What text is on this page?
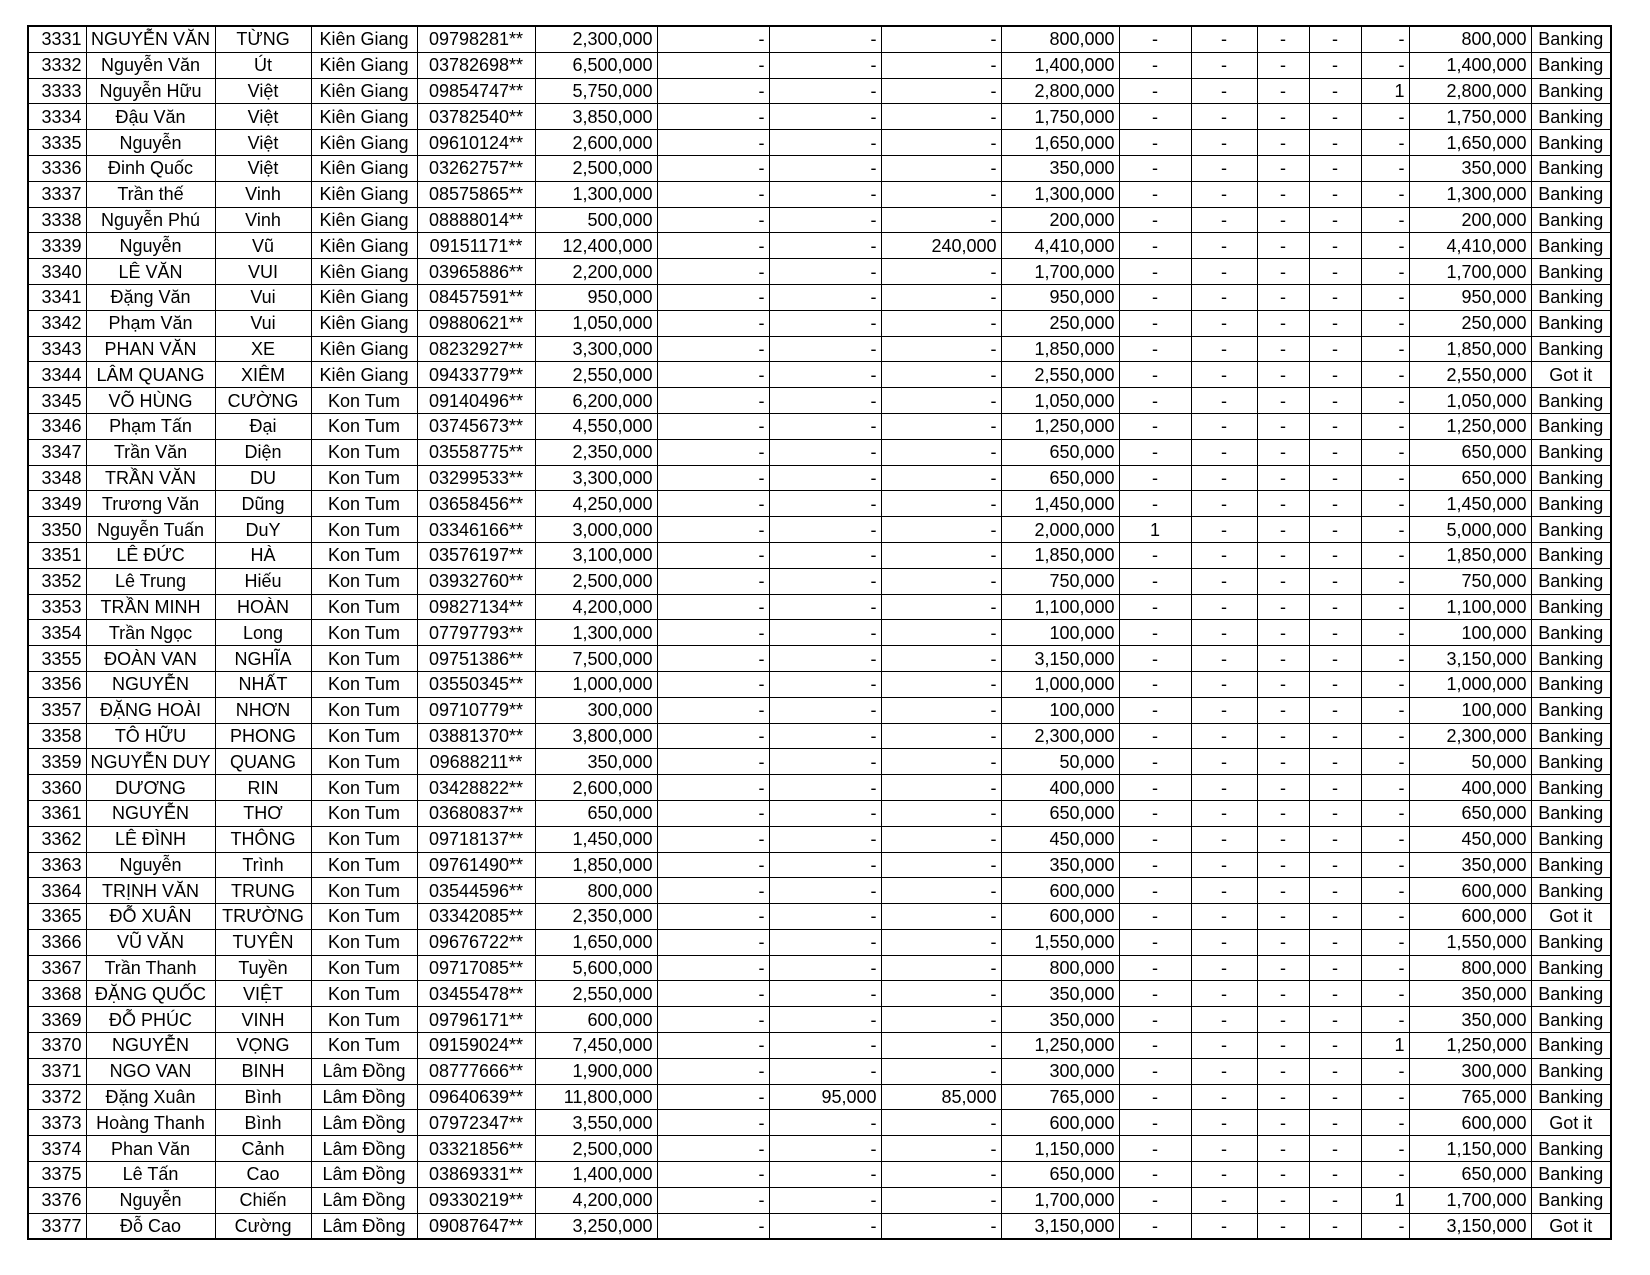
3331	NGUYỄN VĂN	TỪNG	Kiên Giang	09798281**	2,300,000	-	-	-	800,000	-	-	-	-	-	800,000	Banking
3332	Nguyễn Văn	Út	Kiên Giang	03782698**	6,500,000	-	-	-	1,400,000	-	-	-	-	-	1,400,000	Banking
3333	Nguyễn Hữu	Việt	Kiên Giang	09854747**	5,750,000	-	-	-	2,800,000	-	-	-	-	1	2,800,000	Banking
3334	Đậu Văn	Việt	Kiên Giang	03782540**	3,850,000	-	-	-	1,750,000	-	-	-	-	-	1,750,000	Banking
3335	Nguyễn	Việt	Kiên Giang	09610124**	2,600,000	-	-	-	1,650,000	-	-	-	-	-	1,650,000	Banking
3336	Đinh Quốc	Việt	Kiên Giang	03262757**	2,500,000	-	-	-	350,000	-	-	-	-	-	350,000	Banking
3337	Trần thế	Vinh	Kiên Giang	08575865**	1,300,000	-	-	-	1,300,000	-	-	-	-	-	1,300,000	Banking
3338	Nguyễn Phú	Vinh	Kiên Giang	08888014**	500,000	-	-	-	200,000	-	-	-	-	-	200,000	Banking
3339	Nguyễn	Vũ	Kiên Giang	09151171**	12,400,000	-	-	240,000	4,410,000	-	-	-	-	-	4,410,000	Banking
3340	LÊ VĂN	VUI	Kiên Giang	03965886**	2,200,000	-	-	-	1,700,000	-	-	-	-	-	1,700,000	Banking
3341	Đặng Văn	Vui	Kiên Giang	08457591**	950,000	-	-	-	950,000	-	-	-	-	-	950,000	Banking
3342	Phạm Văn	Vui	Kiên Giang	09880621**	1,050,000	-	-	-	250,000	-	-	-	-	-	250,000	Banking
3343	PHAN VĂN	XE	Kiên Giang	08232927**	3,300,000	-	-	-	1,850,000	-	-	-	-	-	1,850,000	Banking
3344	LÂM QUANG	XIÊM	Kiên Giang	09433779**	2,550,000	-	-	-	2,550,000	-	-	-	-	-	2,550,000	Got it
3345	VÕ HÙNG	CƯỜNG	Kon Tum	09140496**	6,200,000	-	-	-	1,050,000	-	-	-	-	-	1,050,000	Banking
3346	Phạm Tấn	Đại	Kon Tum	03745673**	4,550,000	-	-	-	1,250,000	-	-	-	-	-	1,250,000	Banking
3347	Trần Văn	Diện	Kon Tum	03558775**	2,350,000	-	-	-	650,000	-	-	-	-	-	650,000	Banking
3348	TRẦN VĂN	DU	Kon Tum	03299533**	3,300,000	-	-	-	650,000	-	-	-	-	-	650,000	Banking
3349	Trương Văn	Dũng	Kon Tum	03658456**	4,250,000	-	-	-	1,450,000	-	-	-	-	-	1,450,000	Banking
3350	Nguyễn Tuấn	DuY	Kon Tum	03346166**	3,000,000	-	-	-	2,000,000	1	-	-	-	-	5,000,000	Banking
3351	LÊ ĐỨC	HÀ	Kon Tum	03576197**	3,100,000	-	-	-	1,850,000	-	-	-	-	-	1,850,000	Banking
3352	Lê Trung	Hiếu	Kon Tum	03932760**	2,500,000	-	-	-	750,000	-	-	-	-	-	750,000	Banking
3353	TRẦN MINH	HOÀN	Kon Tum	09827134**	4,200,000	-	-	-	1,100,000	-	-	-	-	-	1,100,000	Banking
3354	Trần Ngọc	Long	Kon Tum	07797793**	1,300,000	-	-	-	100,000	-	-	-	-	-	100,000	Banking
3355	ĐOÀN VAN	NGHĨA	Kon Tum	09751386**	7,500,000	-	-	-	3,150,000	-	-	-	-	-	3,150,000	Banking
3356	NGUYỄN	NHẤT	Kon Tum	03550345**	1,000,000	-	-	-	1,000,000	-	-	-	-	-	1,000,000	Banking
3357	ĐẶNG HOÀI	NHƠN	Kon Tum	09710779**	300,000	-	-	-	100,000	-	-	-	-	-	100,000	Banking
3358	TÔ HỮU	PHONG	Kon Tum	03881370**	3,800,000	-	-	-	2,300,000	-	-	-	-	-	2,300,000	Banking
3359	NGUYỄN DUY	QUANG	Kon Tum	09688211**	350,000	-	-	-	50,000	-	-	-	-	-	50,000	Banking
3360	DƯƠNG	RIN	Kon Tum	03428822**	2,600,000	-	-	-	400,000	-	-	-	-	-	400,000	Banking
3361	NGUYỄN	THƠ	Kon Tum	03680837**	650,000	-	-	-	650,000	-	-	-	-	-	650,000	Banking
3362	LÊ ĐÌNH	THÔNG	Kon Tum	09718137**	1,450,000	-	-	-	450,000	-	-	-	-	-	450,000	Banking
3363	Nguyễn	Trình	Kon Tum	09761490**	1,850,000	-	-	-	350,000	-	-	-	-	-	350,000	Banking
3364	TRỊNH VĂN	TRUNG	Kon Tum	03544596**	800,000	-	-	-	600,000	-	-	-	-	-	600,000	Banking
3365	ĐỖ XUÂN	TRƯỜNG	Kon Tum	03342085**	2,350,000	-	-	-	600,000	-	-	-	-	-	600,000	Got it
3366	VŨ VĂN	TUYÊN	Kon Tum	09676722**	1,650,000	-	-	-	1,550,000	-	-	-	-	-	1,550,000	Banking
3367	Trần Thanh	Tuyền	Kon Tum	09717085**	5,600,000	-	-	-	800,000	-	-	-	-	-	800,000	Banking
3368	ĐẶNG QUỐC	VIỆT	Kon Tum	03455478**	2,550,000	-	-	-	350,000	-	-	-	-	-	350,000	Banking
3369	ĐỖ PHÚC	VINH	Kon Tum	09796171**	600,000	-	-	-	350,000	-	-	-	-	-	350,000	Banking
3370	NGUYỄN	VỌNG	Kon Tum	09159024**	7,450,000	-	-	-	1,250,000	-	-	-	-	1	1,250,000	Banking
3371	NGO VAN	BINH	Lâm Đồng	08777666**	1,900,000	-	-	-	300,000	-	-	-	-	-	300,000	Banking
3372	Đặng Xuân	Bình	Lâm Đồng	09640639**	11,800,000	-	95,000	85,000	765,000	-	-	-	-	-	765,000	Banking
3373	Hoàng Thanh	Bình	Lâm Đồng	07972347**	3,550,000	-	-	-	600,000	-	-	-	-	-	600,000	Got it
3374	Phan Văn	Cảnh	Lâm Đồng	03321856**	2,500,000	-	-	-	1,150,000	-	-	-	-	-	1,150,000	Banking
3375	Lê Tấn	Cao	Lâm Đồng	03869331**	1,400,000	-	-	-	650,000	-	-	-	-	-	650,000	Banking
3376	Nguyễn	Chiến	Lâm Đồng	09330219**	4,200,000	-	-	-	1,700,000	-	-	-	-	1	1,700,000	Banking
3377	Đỗ Cao	Cường	Lâm Đồng	09087647**	3,250,000	-	-	-	3,150,000	-	-	-	-	-	3,150,000	Got it
